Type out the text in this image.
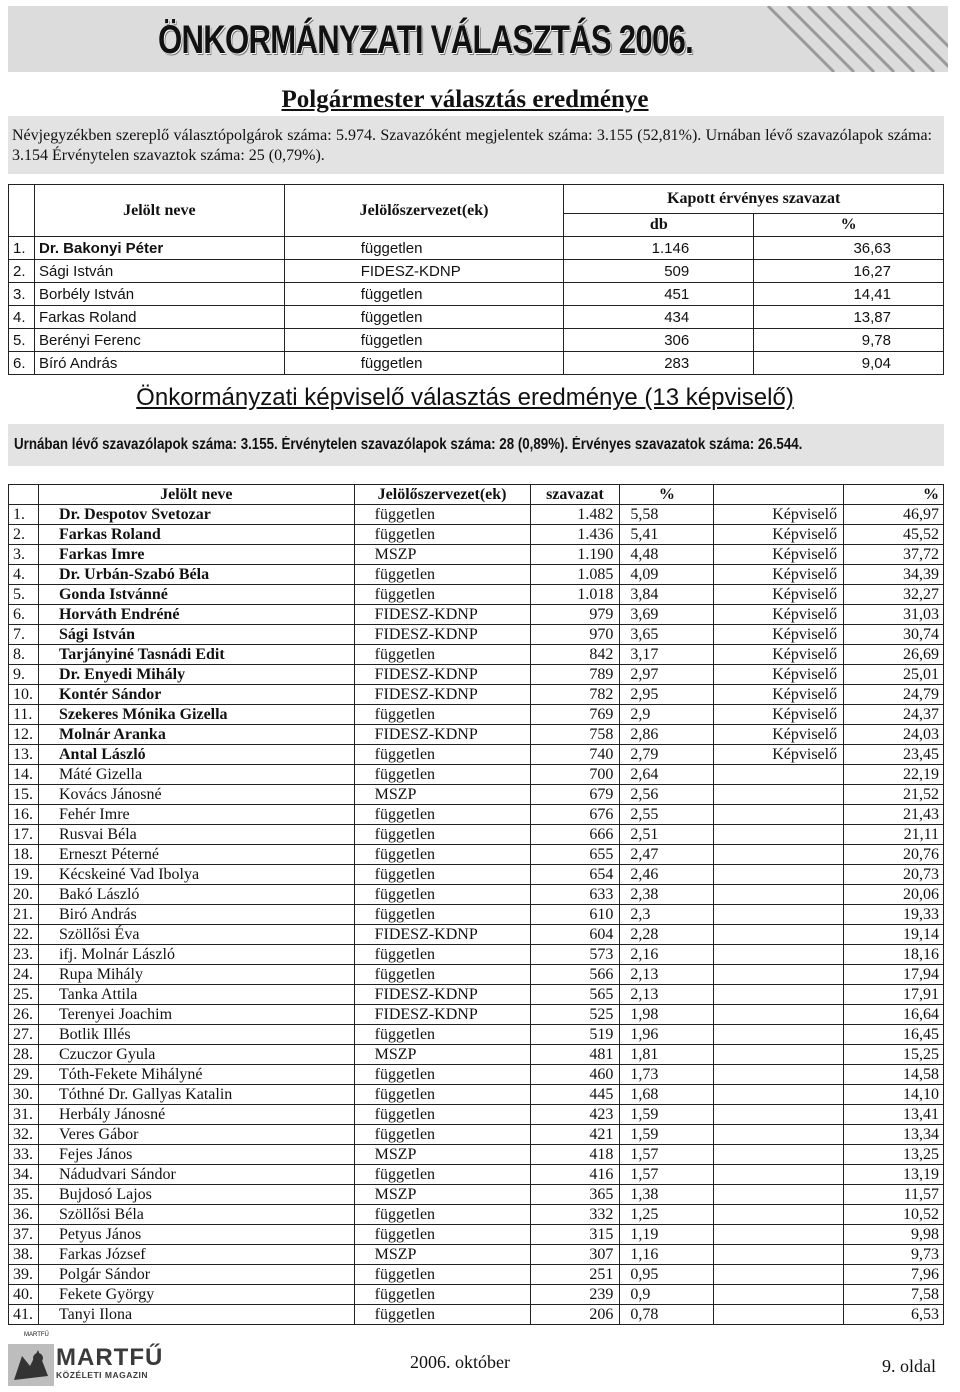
ÖNKORMÁNYZATI VÁLASZTÁS 2006.
Polgármester választás eredménye
Névjegyzékben szereplő választópolgárok száma: 5.974. Szavazóként megjelentek száma: 3.155 (52,81%). Urnában lévő szavazólapok száma: 3.154 Érvénytelen szavaztok száma: 25 (0,79%).
	Jelölt neve	Jelölőszervezet(ek)	Kapott érvényes szavazat	
			db	%
1.	Dr. Bakonyi Péter	független	1.146	36,63
2.	Sági István	FIDESZ-KDNP	509	16,27
3.	Borbély István	független	451	14,41
4.	Farkas Roland	független	434	13,87
5.	Berényi Ferenc	független	306	9,78
6.	Bíró András	független	283	9,04
Önkormányzati képviselő választás eredménye (13 képviselő)
Urnában lévő szavazólapok száma: 3.155. Érvénytelen szavazólapok száma: 28 (0,89%). Érvényes szavazatok száma: 26.544.
	Jelölt neve	Jelölőszervezet(ek)	szavazat	%		%
1.	Dr. Despotov Svetozar	független	1.482	5,58	Képviselő	46,97
2.	Farkas Roland	független	1.436	5,41	Képviselő	45,52
3.	Farkas Imre	MSZP	1.190	4,48	Képviselő	37,72
4.	Dr. Urbán-Szabó Béla	független	1.085	4,09	Képviselő	34,39
5.	Gonda Istvánné	független	1.018	3,84	Képviselő	32,27
6.	Horváth Endréné	FIDESZ-KDNP	979	3,69	Képviselő	31,03
7.	Sági István	FIDESZ-KDNP	970	3,65	Képviselő	30,74
8.	Tarjányiné Tasnádi Edit	független	842	3,17	Képviselő	26,69
9.	Dr. Enyedi Mihály	FIDESZ-KDNP	789	2,97	Képviselő	25,01
10.	Kontér Sándor	FIDESZ-KDNP	782	2,95	Képviselő	24,79
11.	Szekeres Mónika Gizella	független	769	2,9	Képviselő	24,37
12.	Molnár Aranka	FIDESZ-KDNP	758	2,86	Képviselő	24,03
13.	Antal László	független	740	2,79	Képviselő	23,45
14.	Máté Gizella	független	700	2,64		22,19
15.	Kovács Jánosné	MSZP	679	2,56		21,52
16.	Fehér Imre	független	676	2,55		21,43
17.	Rusvai Béla	független	666	2,51		21,11
18.	Erneszt Péterné	független	655	2,47		20,76
19.	Kécskeiné Vad Ibolya	független	654	2,46		20,73
20.	Bakó László	független	633	2,38		20,06
21.	Biró András	független	610	2,3		19,33
22.	Szöllősi Éva	FIDESZ-KDNP	604	2,28		19,14
23.	ifj. Molnár László	független	573	2,16		18,16
24.	Rupa Mihály	független	566	2,13		17,94
25.	Tanka Attila	FIDESZ-KDNP	565	2,13		17,91
26.	Terenyei Joachim	FIDESZ-KDNP	525	1,98		16,64
27.	Botlik Illés	független	519	1,96		16,45
28.	Czuczor Gyula	MSZP	481	1,81		15,25
29.	Tóth-Fekete Mihályné	független	460	1,73		14,58
30.	Tóthné Dr. Gallyas Katalin	független	445	1,68		14,10
31.	Herbály Jánosné	független	423	1,59		13,41
32.	Veres Gábor	független	421	1,59		13,34
33.	Fejes János	MSZP	418	1,57		13,25
34.	Nádudvari Sándor	független	416	1,57		13,19
35.	Bujdosó Lajos	MSZP	365	1,38		11,57
36.	Szöllősi Béla	független	332	1,25		10,52
37.	Petyus János	független	315	1,19		9,98
38.	Farkas József	MSZP	307	1,16		9,73
39.	Polgár Sándor	független	251	0,95		7,96
40.	Fekete György	független	239	0,9		7,58
41.	Tanyi Ilona	független	206	0,78		6,53
MARTFŰ
MARTFŰ
KÖZÉLETI MAGAZIN
2006. október	9. oldal
